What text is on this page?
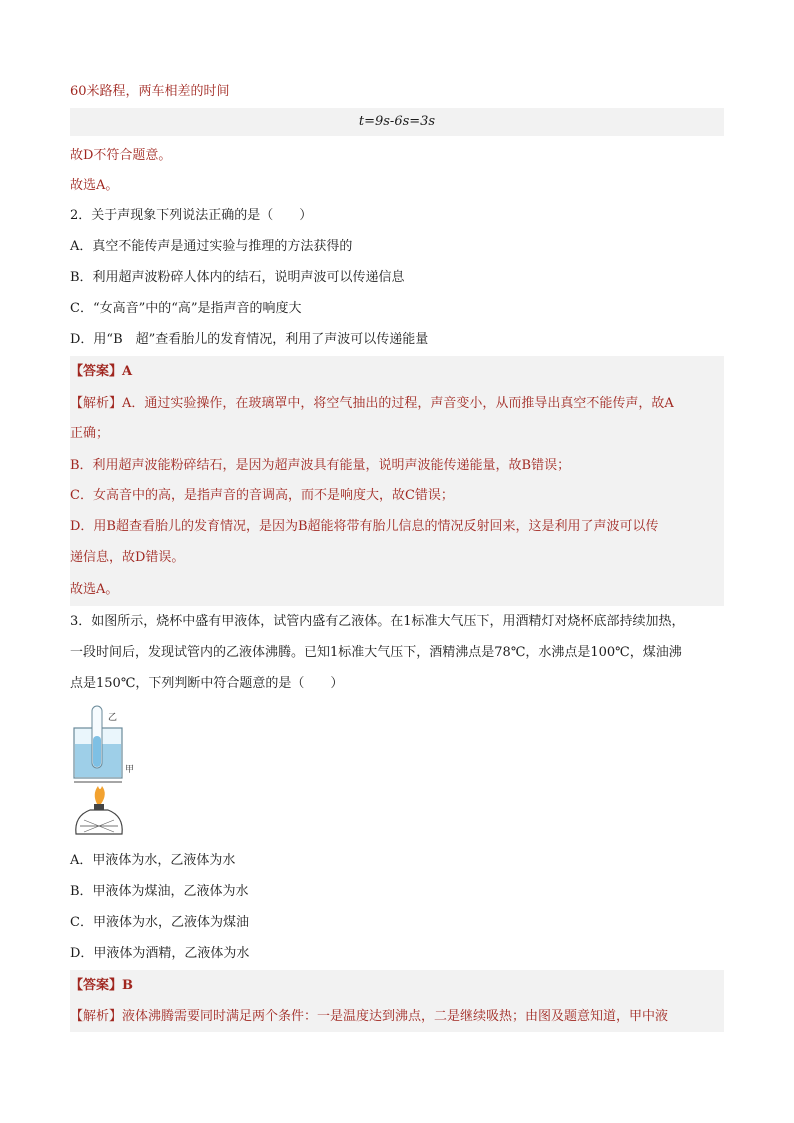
60米路程，两车相差的时间
t=9s-6s=3s
故D不符合题意。
故选A。
2．关于声现象下列说法正确的是（　　）
A．真空不能传声是通过实验与推理的方法获得的
B．利用超声波粉碎人体内的结石，说明声波可以传递信息
C．“女高音”中的“高”是指声音的响度大
D．用“B　超”查看胎儿的发育情况，利用了声波可以传递能量
【答案】A
【解析】A．通过实验操作，在玻璃罩中，将空气抽出的过程，声音变小，从而推导出真空不能传声，故A
正确；
B．利用超声波能粉碎结石，是因为超声波具有能量，说明声波能传递能量，故B错误；
C．女高音中的高，是指声音的音调高，而不是响度大，故C错误；
D．用B超查看胎儿的发育情况，是因为B超能将带有胎儿信息的情况反射回来，这是利用了声波可以传
递信息，故D错误。
故选A。
3．如图所示，烧杯中盛有甲液体，试管内盛有乙液体。在1标准大气压下，用酒精灯对烧杯底部持续加热，
一段时间后，发现试管内的乙液体沸腾。已知1标准大气压下，酒精沸点是78℃，水沸点是100℃，煤油沸
点是150℃，下列判断中符合题意的是（　　）
乙
甲
A．甲液体为水，乙液体为水
B．甲液体为煤油，乙液体为水
C．甲液体为水，乙液体为煤油
D．甲液体为酒精，乙液体为水
【答案】B
【解析】液体沸腾需要同时满足两个条件：一是温度达到沸点，二是继续吸热；由图及题意知道，甲中液
